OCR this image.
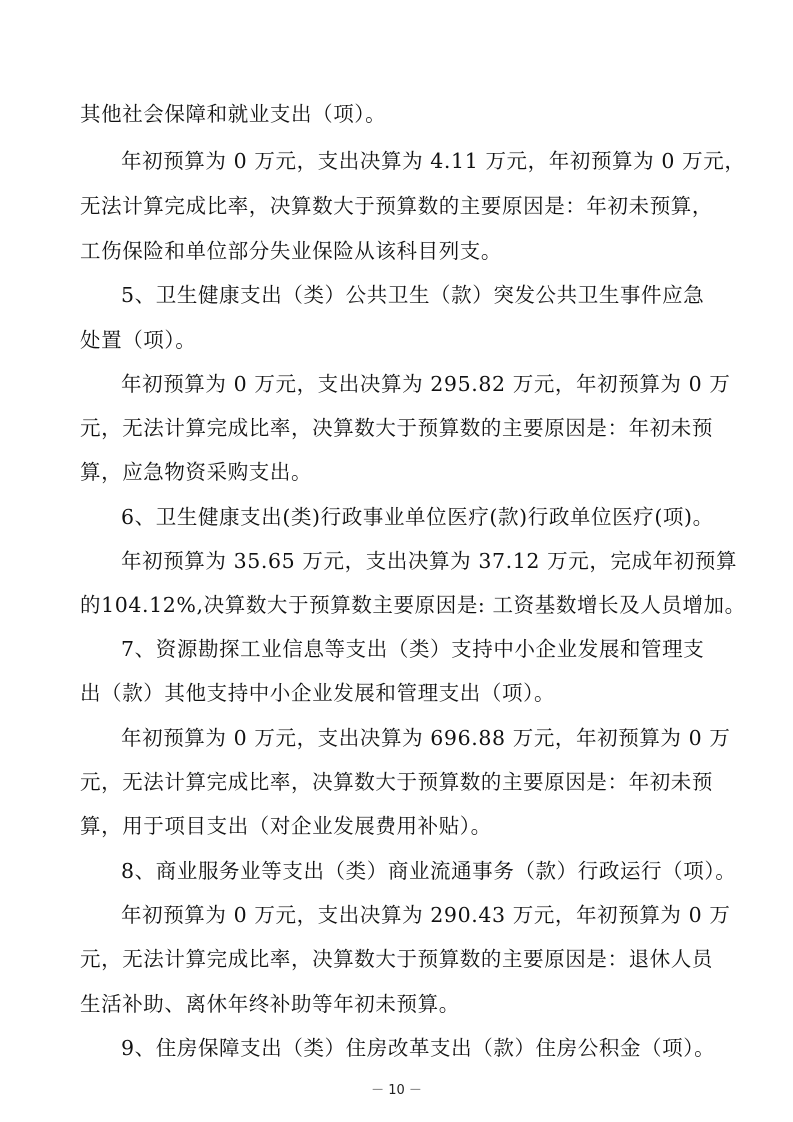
其他社会保障和就业支出（项）。
年初预算为 0 万元，支出决算为 4.11 万元，年初预算为 0 万元，
无法计算完成比率，决算数大于预算数的主要原因是：年初未预算，
工伤保险和单位部分失业保险从该科目列支。
5、卫生健康支出（类）公共卫生（款）突发公共卫生事件应急
处置（项）。
年初预算为 0 万元，支出决算为 295.82 万元，年初预算为 0 万
元，无法计算完成比率，决算数大于预算数的主要原因是：年初未预
算，应急物资采购支出。
6、卫生健康支出(类)行政事业单位医疗(款)行政单位医疗(项)。
年初预算为 35.65 万元，支出决算为 37.12 万元，完成年初预算
的104.12%,决算数大于预算数主要原因是: 工资基数增长及人员增加。
7、资源勘探工业信息等支出（类）支持中小企业发展和管理支
出（款）其他支持中小企业发展和管理支出（项）。
年初预算为 0 万元，支出决算为 696.88 万元，年初预算为 0 万
元，无法计算完成比率，决算数大于预算数的主要原因是：年初未预
算，用于项目支出（对企业发展费用补贴）。
8、商业服务业等支出（类）商业流通事务（款）行政运行（项）。
年初预算为 0 万元，支出决算为 290.43 万元，年初预算为 0 万
元，无法计算完成比率，决算数大于预算数的主要原因是：退休人员
生活补助、离休年终补助等年初未预算。
9、住房保障支出（类）住房改革支出（款）住房公积金（项）。
－ 10 －
